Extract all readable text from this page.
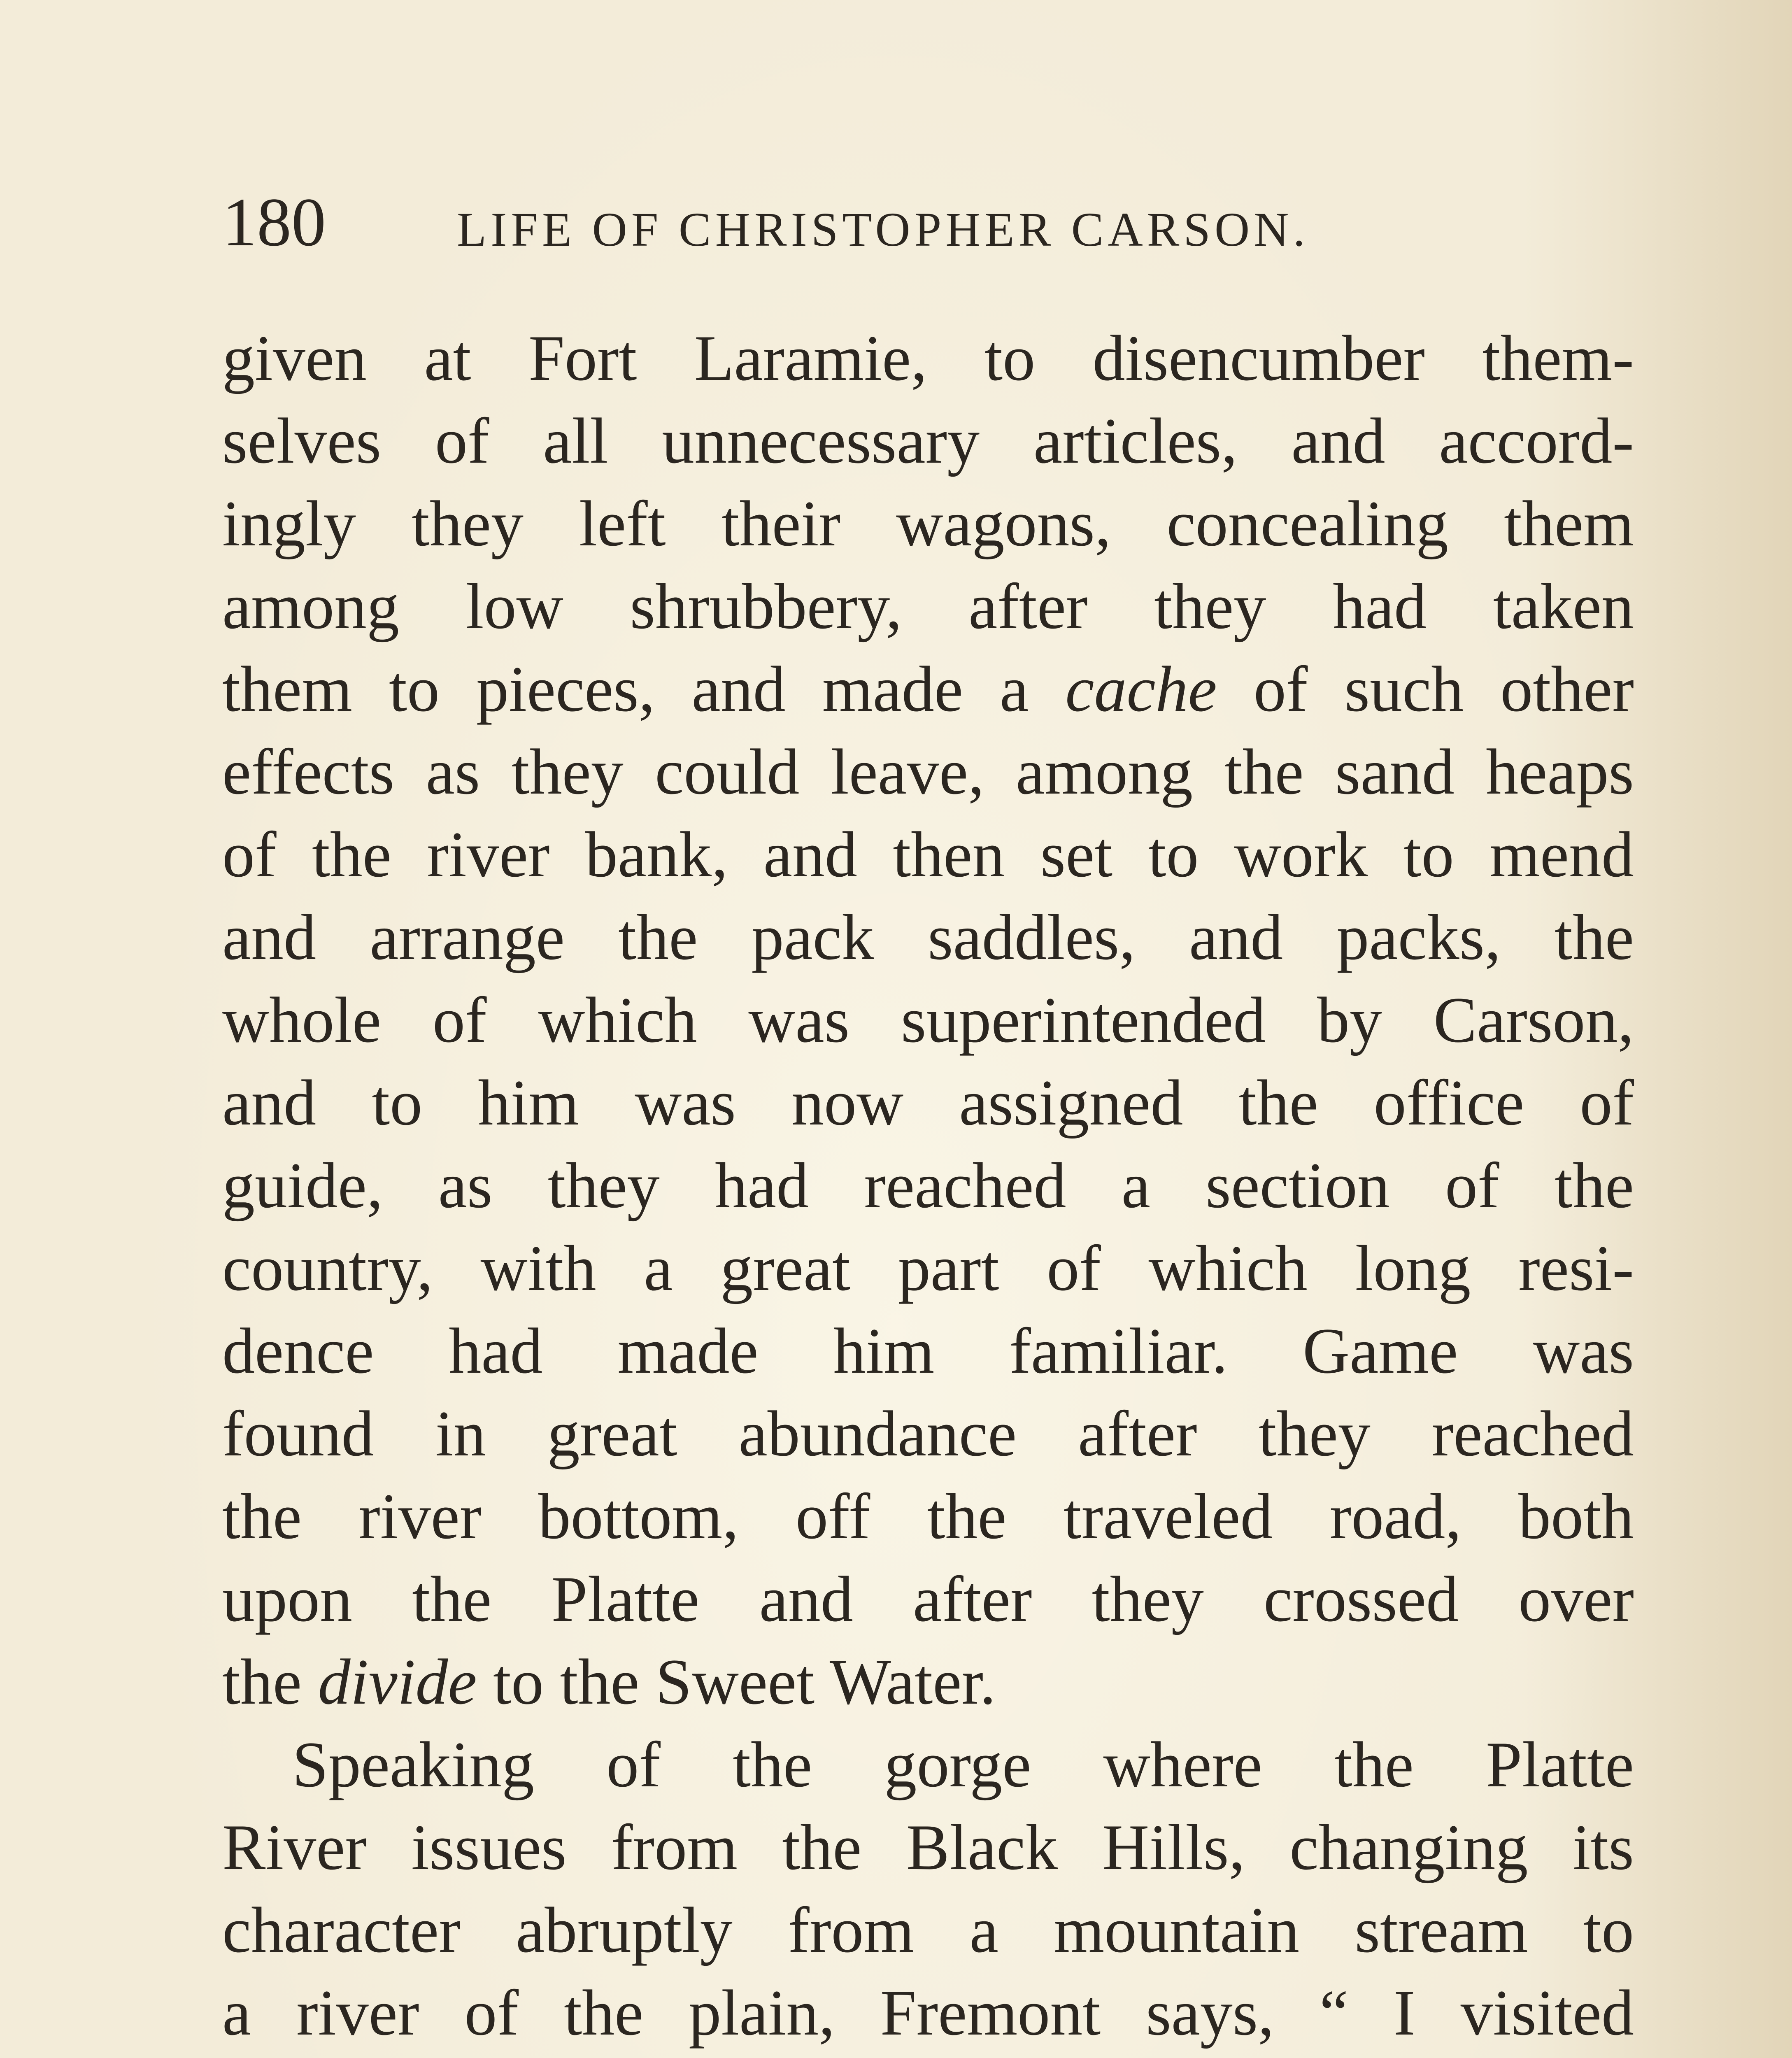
180	LIFE OF CHRISTOPHER CARSON.
given at Fort Laramie, to disencumber them-
selves of all unnecessary articles, and accord-
ingly they left their wagons, concealing them
among low shrubbery, after they had taken
them to pieces, and made a cache of such other
effects as they could leave, among the sand heaps
of the river bank, and then set to work to mend
and arrange the pack saddles, and packs, the
whole of which was superintended by Carson,
and to him was now assigned the office of
guide, as they had reached a section of the
country, with a great part of which long resi-
dence had made him familiar. Game was
found in great abundance after they reached
the river bottom, off the traveled road, both
upon the Platte and after they crossed over
the divide to the Sweet Water.
Speaking of the gorge where the Platte
River issues from the Black Hills, changing its
character abruptly from a mountain stream to
a river of the plain, Fremont says, “ I visited
